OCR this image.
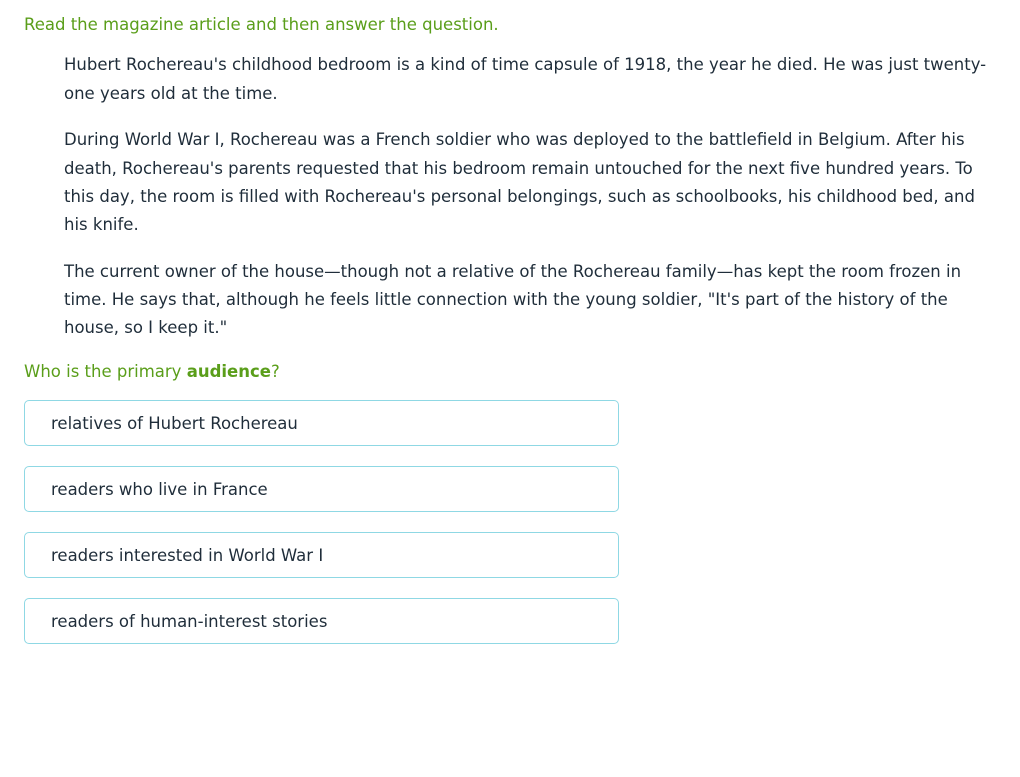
Read the magazine article and then answer the question.

Hubert Rochereau's childhood bedroom is a kind of time capsule of 1918, the year he died. He was just twenty-one years old at the time.

During World War I, Rochereau was a French soldier who was deployed to the battlefield in Belgium. After his death, Rochereau's parents requested that his bedroom remain untouched for the next five hundred years. To this day, the room is filled with Rochereau's personal belongings, such as schoolbooks, his childhood bed, and his knife.

The current owner of the house—though not a relative of the Rochereau family—has kept the room frozen in time. He says that, although he feels little connection with the young soldier, "It's part of the history of the house, so I keep it."

Who is the primary audience?
relatives of Hubert Rochereau
readers who live in France
readers interested in World War I
readers of human-interest stories
